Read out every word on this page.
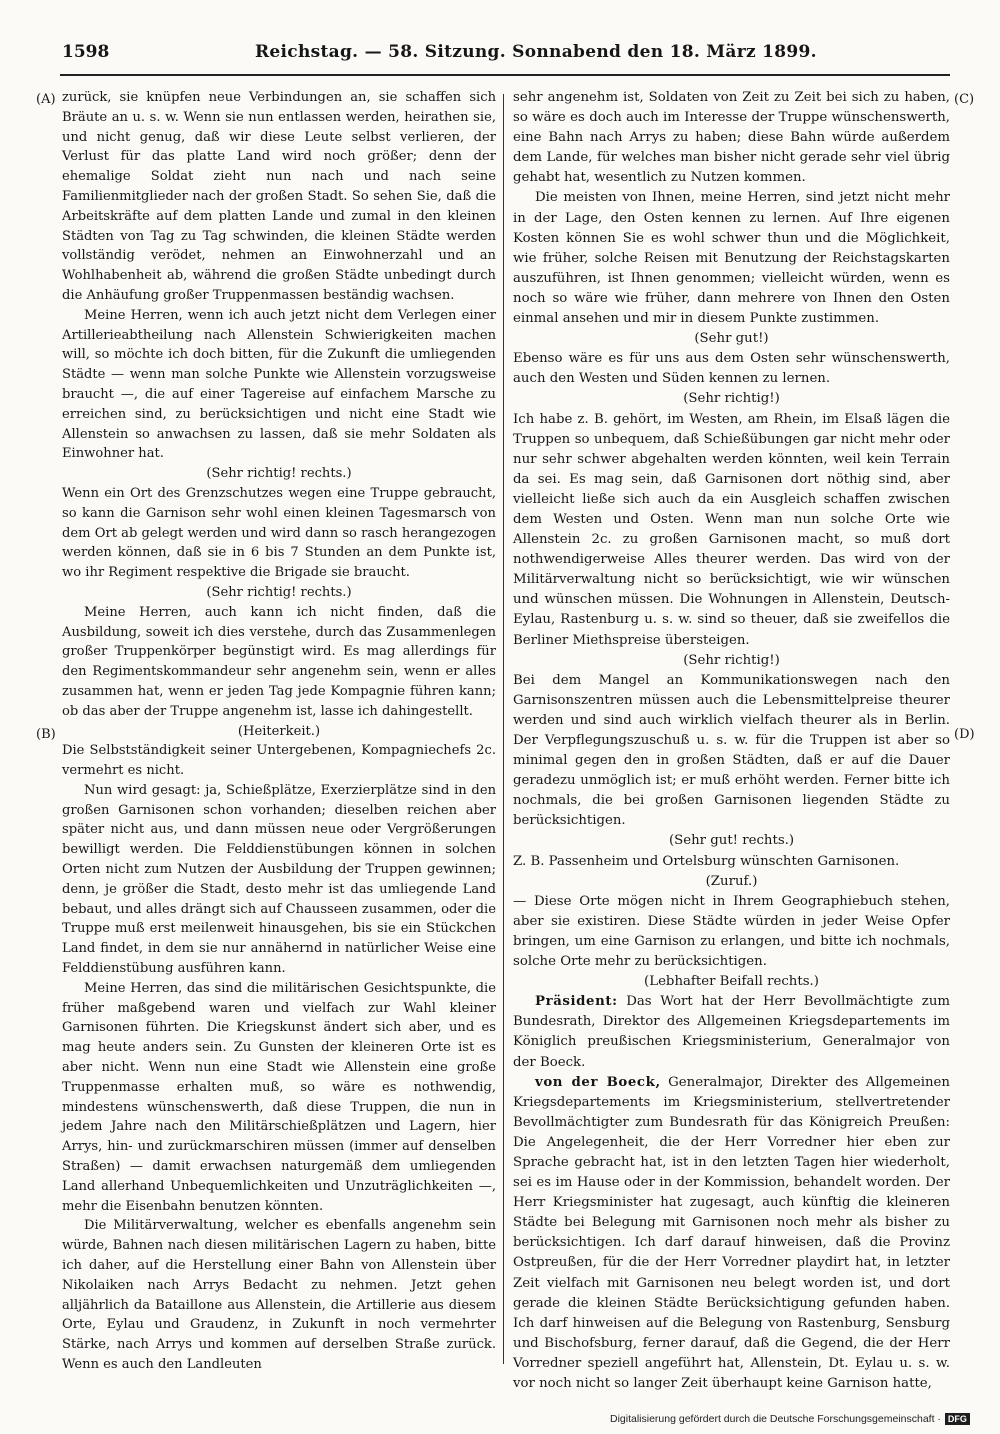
1598	Reichstag. — 58. Sitzung. Sonnabend den 18. März 1899.
(A)
(B)
(C)
(D)

zurück, sie knüpfen neue Verbindungen an, sie schaffen sich Bräute an u. s. w. Wenn sie nun entlassen werden, heirathen sie, und nicht genug, daß wir diese Leute selbst verlieren, der Verlust für das platte Land wird noch größer; denn der ehemalige Soldat zieht nun nach und nach seine Familienmitglieder nach der großen Stadt. So sehen Sie, daß die Arbeitskräfte auf dem platten Lande und zumal in den kleinen Städten von Tag zu Tag schwinden, die kleinen Städte werden vollständig verödet, nehmen an Einwohnerzahl und an Wohlhabenheit ab, während die großen Städte unbedingt durch die Anhäufung großer Truppenmassen beständig wachsen.

Meine Herren, wenn ich auch jetzt nicht dem Verlegen einer Artillerieabtheilung nach Allenstein Schwierigkeiten machen will, so möchte ich doch bitten, für die Zukunft die umliegenden Städte — wenn man solche Punkte wie Allenstein vorzugsweise braucht —, die auf einer Tagereise auf einfachem Marsche zu erreichen sind, zu berücksichtigen und nicht eine Stadt wie Allenstein so anwachsen zu lassen, daß sie mehr Soldaten als Einwohner hat.

(Sehr richtig! rechts.)

Wenn ein Ort des Grenzschutzes wegen eine Truppe gebraucht, so kann die Garnison sehr wohl einen kleinen Tagesmarsch von dem Ort ab gelegt werden und wird dann so rasch herangezogen werden können, daß sie in 6 bis 7 Stunden an dem Punkte ist, wo ihr Regiment respektive die Brigade sie braucht.

(Sehr richtig! rechts.)

Meine Herren, auch kann ich nicht finden, daß die Ausbildung, soweit ich dies verstehe, durch das Zusammenlegen großer Truppenkörper begünstigt wird. Es mag allerdings für den Regimentskommandeur sehr angenehm sein, wenn er alles zusammen hat, wenn er jeden Tag jede Kompagnie führen kann; ob das aber der Truppe angenehm ist, lasse ich dahingestellt.

(Heiterkeit.)

Die Selbstständigkeit seiner Untergebenen, Kompagniechefs 2c. vermehrt es nicht.

Nun wird gesagt: ja, Schießplätze, Exerzierplätze sind in den großen Garnisonen schon vorhanden; dieselben reichen aber später nicht aus, und dann müssen neue oder Vergrößerungen bewilligt werden. Die Felddienstübungen können in solchen Orten nicht zum Nutzen der Ausbildung der Truppen gewinnen; denn, je größer die Stadt, desto mehr ist das umliegende Land bebaut, und alles drängt sich auf Chausseen zusammen, oder die Truppe muß erst meilenweit hinausgehen, bis sie ein Stückchen Land findet, in dem sie nur annähernd in natürlicher Weise eine Felddienstübung ausführen kann.

Meine Herren, das sind die militärischen Gesichtspunkte, die früher maßgebend waren und vielfach zur Wahl kleiner Garnisonen führten. Die Kriegskunst ändert sich aber, und es mag heute anders sein. Zu Gunsten der kleineren Orte ist es aber nicht. Wenn nun eine Stadt wie Allenstein eine große Truppenmasse erhalten muß, so wäre es nothwendig, mindestens wünschenswerth, daß diese Truppen, die nun in jedem Jahre nach den Militärschießplätzen und Lagern, hier Arrys, hin- und zurückmarschiren müssen (immer auf denselben Straßen) — damit erwachsen naturgemäß dem umliegenden Land allerhand Unbequemlichkeiten und Unzuträglichkeiten —, mehr die Eisenbahn benutzen könnten.

Die Militärverwaltung, welcher es ebenfalls angenehm sein würde, Bahnen nach diesen militärischen Lagern zu haben, bitte ich daher, auf die Herstellung einer Bahn von Allenstein über Nikolaiken nach Arrys Bedacht zu nehmen. Jetzt gehen alljährlich da Bataillone aus Allenstein, die Artillerie aus diesem Orte, Eylau und Graudenz, in Zukunft in noch vermehrter Stärke, nach Arrys und kommen auf derselben Straße zurück. Wenn es auch den Landleuten

sehr angenehm ist, Soldaten von Zeit zu Zeit bei sich zu haben, so wäre es doch auch im Interesse der Truppe wünschenswerth, eine Bahn nach Arrys zu haben; diese Bahn würde außerdem dem Lande, für welches man bisher nicht gerade sehr viel übrig gehabt hat, wesentlich zu Nutzen kommen.

Die meisten von Ihnen, meine Herren, sind jetzt nicht mehr in der Lage, den Osten kennen zu lernen. Auf Ihre eigenen Kosten können Sie es wohl schwer thun und die Möglichkeit, wie früher, solche Reisen mit Benutzung der Reichstagskarten auszuführen, ist Ihnen genommen; vielleicht würden, wenn es noch so wäre wie früher, dann mehrere von Ihnen den Osten einmal ansehen und mir in diesem Punkte zustimmen.

(Sehr gut!)

Ebenso wäre es für uns aus dem Osten sehr wünschenswerth, auch den Westen und Süden kennen zu lernen.

(Sehr richtig!)

Ich habe z. B. gehört, im Westen, am Rhein, im Elsaß lägen die Truppen so unbequem, daß Schießübungen gar nicht mehr oder nur sehr schwer abgehalten werden könnten, weil kein Terrain da sei. Es mag sein, daß Garnisonen dort nöthig sind, aber vielleicht ließe sich auch da ein Ausgleich schaffen zwischen dem Westen und Osten. Wenn man nun solche Orte wie Allenstein 2c. zu großen Garnisonen macht, so muß dort nothwendigerweise Alles theurer werden. Das wird von der Militärverwaltung nicht so berücksichtigt, wie wir wünschen und wünschen müssen. Die Wohnungen in Allenstein, Deutsch-Eylau, Rastenburg u. s. w. sind so theuer, daß sie zweifellos die Berliner Miethspreise übersteigen.

(Sehr richtig!)

Bei dem Mangel an Kommunikationswegen nach den Garnisonszentren müssen auch die Lebensmittelpreise theurer werden und sind auch wirklich vielfach theurer als in Berlin. Der Verpflegungszuschuß u. s. w. für die Truppen ist aber so minimal gegen den in großen Städten, daß er auf die Dauer geradezu unmöglich ist; er muß erhöht werden. Ferner bitte ich nochmals, die bei großen Garnisonen liegenden Städte zu berücksichtigen.

(Sehr gut! rechts.)

Z. B. Passenheim und Ortelsburg wünschten Garnisonen.

(Zuruf.)

— Diese Orte mögen nicht in Ihrem Geographiebuch stehen, aber sie existiren. Diese Städte würden in jeder Weise Opfer bringen, um eine Garnison zu erlangen, und bitte ich nochmals, solche Orte mehr zu berücksichtigen.

(Lebhafter Beifall rechts.)

Präsident: Das Wort hat der Herr Bevollmächtigte zum Bundesrath, Direktor des Allgemeinen Kriegsdepartements im Königlich preußischen Kriegsministerium, Generalmajor von der Boeck.

von der Boeck, Generalmajor, Direkter des Allgemeinen Kriegsdepartements im Kriegsministerium, stellvertretender Bevollmächtigter zum Bundesrath für das Königreich Preußen: Die Angelegenheit, die der Herr Vorredner hier eben zur Sprache gebracht hat, ist in den letzten Tagen hier wiederholt, sei es im Hause oder in der Kommission, behandelt worden. Der Herr Kriegsminister hat zugesagt, auch künftig die kleineren Städte bei Belegung mit Garnisonen noch mehr als bisher zu berücksichtigen. Ich darf darauf hinweisen, daß die Provinz Ostpreußen, für die der Herr Vorredner playdirt hat, in letzter Zeit vielfach mit Garnisonen neu belegt worden ist, und dort gerade die kleinen Städte Berücksichtigung gefunden haben. Ich darf hinweisen auf die Belegung von Rastenburg, Sensburg und Bischofsburg, ferner darauf, daß die Gegend, die der Herr Vorredner speziell angeführt hat, Allenstein, Dt. Eylau u. s. w. vor noch nicht so langer Zeit überhaupt keine Garnison hatte,

Digitalisierung gefördert durch die Deutsche Forschungsgemeinschaft · DFG
